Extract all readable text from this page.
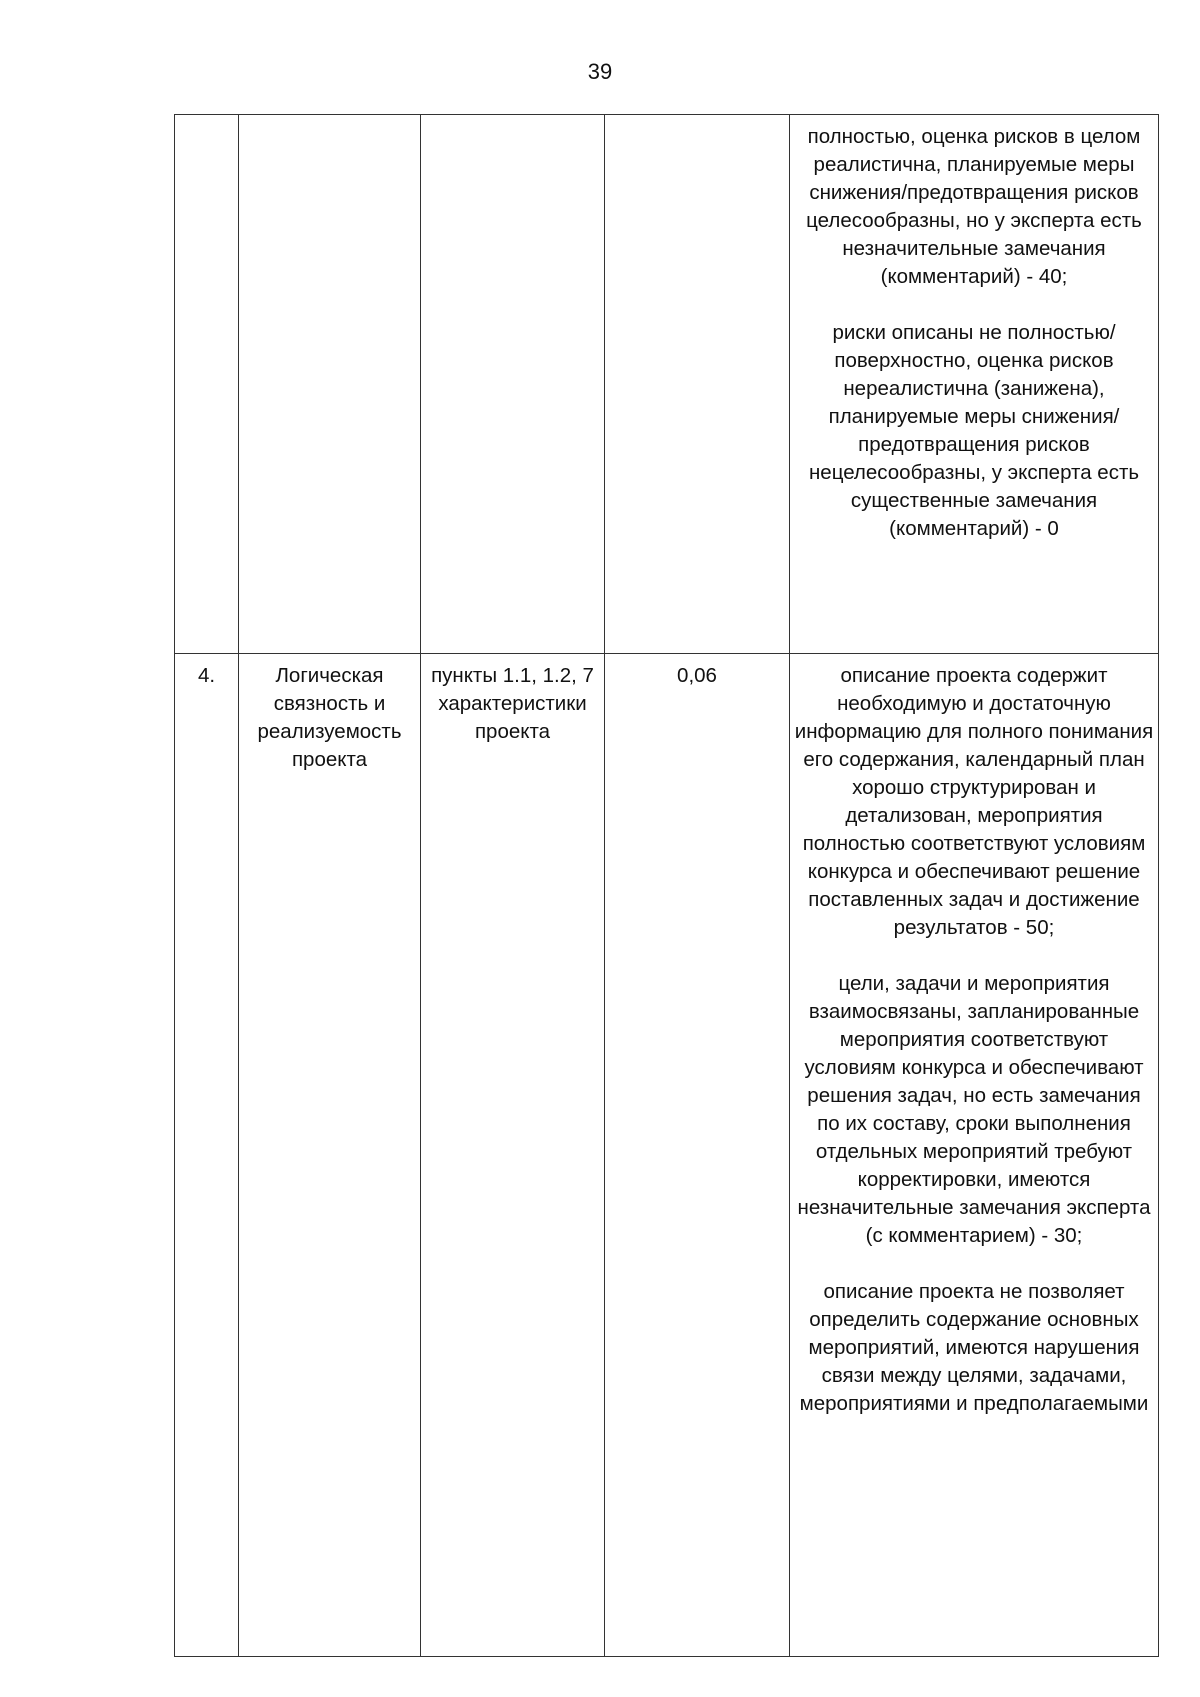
39

				полностью, оценка рисков в целом реалистична, планируемые меры снижения/предотвращения рисков целесообразны, но у эксперта есть незначительные замечания (комментарий) - 40;
риски описаны не полностью/поверхностно, оценка рисков нереалистична (занижена), планируемые меры снижения/предотвращения рисков нецелесообразны, у эксперта есть существенные замечания (комментарий) - 0

4.	Логическая связность и реализуемость проекта	пункты 1.1, 1.2, 7 характеристики проекта	0,06	описание проекта содержит необходимую и достаточную информацию для полного понимания его содержания, календарный план хорошо структурирован и детализован, мероприятия полностью соответствуют условиям конкурса и обеспечивают решение поставленных задач и достижение результатов - 50;
цели, задачи и мероприятия взаимосвязаны, запланированные мероприятия соответствуют условиям конкурса и обеспечивают решения задач, но есть замечания по их составу, сроки выполнения отдельных мероприятий требуют корректировки, имеются незначительные замечания эксперта (с комментарием) - 30;
описание проекта не позволяет определить содержание основных мероприятий, имеются нарушения связи между целями, задачами, мероприятиями и предполагаемыми
